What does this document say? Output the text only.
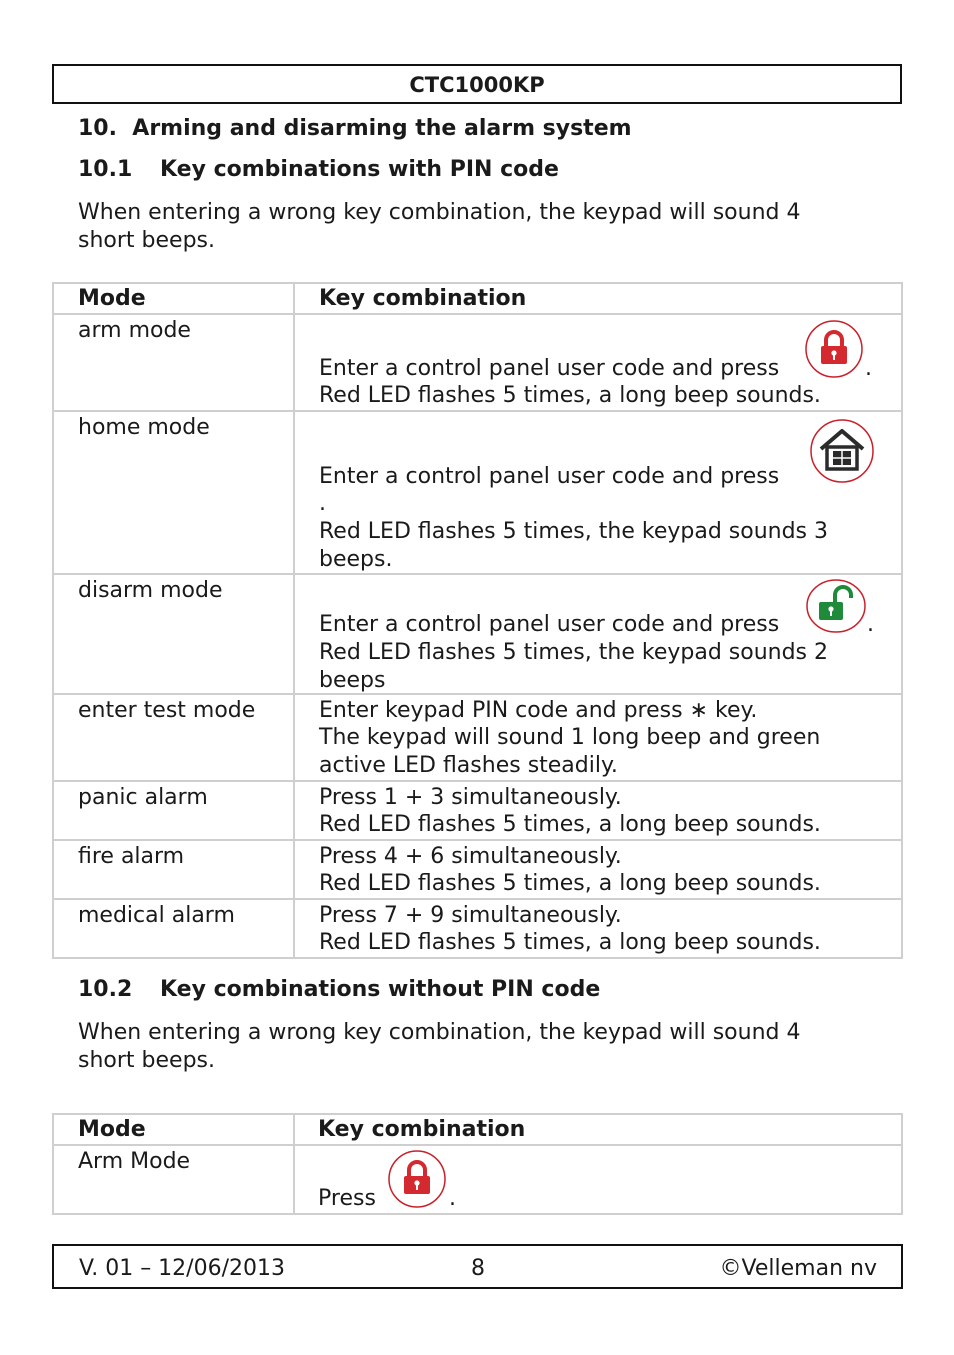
CTC1000KP
10.  Arming and disarming the alarm system
10.1 Key combinations with PIN code
When entering a wrong key combination, the keypad will sound 4
short beeps.
Mode	Key combination
arm mode	Enter a control panel user code and press .
Red LED flashes 5 times, a long beep sounds.

home mode	Enter a control panel user code and press
.
Red LED flashes 5 times, the keypad sounds 3
beeps.

disarm mode	Enter a control panel user code and press .
Red LED flashes 5 times, the keypad sounds 2
beeps

enter test mode	Enter keypad PIN code and press ∗ key.
The keypad will sound 1 long beep and green
active LED flashes steadily.

panic alarm	Press 1 + 3 simultaneously.
Red LED flashes 5 times, a long beep sounds.

fire alarm	Press 4 + 6 simultaneously.
Red LED flashes 5 times, a long beep sounds.

medical alarm	Press 7 + 9 simultaneously.
Red LED flashes 5 times, a long beep sounds.
10.2 Key combinations without PIN code
When entering a wrong key combination, the keypad will sound 4
short beeps.
Mode	Key combination
Arm Mode	Press .
V. 01 – 12/06/2013	8	©Velleman nv
